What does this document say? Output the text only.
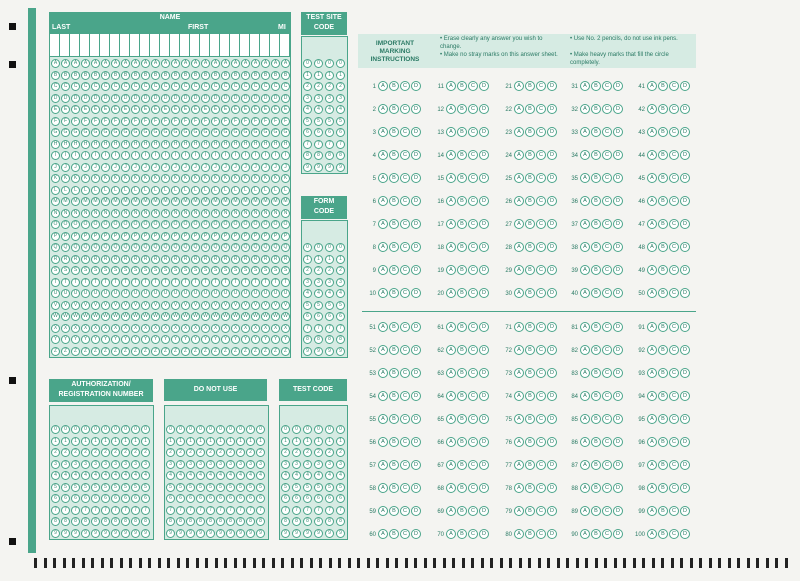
NAME
LAST	FIRST	MI
A
B
C
D
E
F
G
H
I
J
K
L
M
N
O
P
Q
R
S
T
U
V
W
X
Y
Z
A
B
C
D
E
F
G
H
I
J
K
L
M
N
O
P
Q
R
S
T
U
V
W
X
Y
Z
A
B
C
D
E
F
G
H
I
J
K
L
M
N
O
P
Q
R
S
T
U
V
W
X
Y
Z
A
B
C
D
E
F
G
H
I
J
K
L
M
N
O
P
Q
R
S
T
U
V
W
X
Y
Z
A
B
C
D
E
F
G
H
I
J
K
L
M
N
O
P
Q
R
S
T
U
V
W
X
Y
Z
A
B
C
D
E
F
G
H
I
J
K
L
M
N
O
P
Q
R
S
T
U
V
W
X
Y
Z
A
B
C
D
E
F
G
H
I
J
K
L
M
N
O
P
Q
R
S
T
U
V
W
X
Y
Z
A
B
C
D
E
F
G
H
I
J
K
L
M
N
O
P
Q
R
S
T
U
V
W
X
Y
Z
A
B
C
D
E
F
G
H
I
J
K
L
M
N
O
P
Q
R
S
T
U
V
W
X
Y
Z
A
B
C
D
E
F
G
H
I
J
K
L
M
N
O
P
Q
R
S
T
U
V
W
X
Y
Z
A
B
C
D
E
F
G
H
I
J
K
L
M
N
O
P
Q
R
S
T
U
V
W
X
Y
Z
A
B
C
D
E
F
G
H
I
J
K
L
M
N
O
P
Q
R
S
T
U
V
W
X
Y
Z
A
B
C
D
E
F
G
H
I
J
K
L
M
N
O
P
Q
R
S
T
U
V
W
X
Y
Z
A
B
C
D
E
F
G
H
I
J
K
L
M
N
O
P
Q
R
S
T
U
V
W
X
Y
Z
A
B
C
D
E
F
G
H
I
J
K
L
M
N
O
P
Q
R
S
T
U
V
W
X
Y
Z
A
B
C
D
E
F
G
H
I
J
K
L
M
N
O
P
Q
R
S
T
U
V
W
X
Y
Z
A
B
C
D
E
F
G
H
I
J
K
L
M
N
O
P
Q
R
S
T
U
V
W
X
Y
Z
A
B
C
D
E
F
G
H
I
J
K
L
M
N
O
P
Q
R
S
T
U
V
W
X
Y
Z
A
B
C
D
E
F
G
H
I
J
K
L
M
N
O
P
Q
R
S
T
U
V
W
X
Y
Z
A
B
C
D
E
F
G
H
I
J
K
L
M
N
O
P
Q
R
S
T
U
V
W
X
Y
Z
A
B
C
D
E
F
G
H
I
J
K
L
M
N
O
P
Q
R
S
T
U
V
W
X
Y
Z
A
B
C
D
E
F
G
H
I
J
K
L
M
N
O
P
Q
R
S
T
U
V
W
X
Y
Z
A
B
C
D
E
F
G
H
I
J
K
L
M
N
O
P
Q
R
S
T
U
V
W
X
Y
Z
A
B
C
D
E
F
G
H
I
J
K
L
M
N
O
P
Q
R
S
T
U
V
W
X
Y
Z
TEST SITE
CODE
0
1
2
3
4
5
6
7
8
9
0
1
2
3
4
5
6
7
8
9
0
1
2
3
4
5
6
7
8
9
0
1
2
3
4
5
6
7
8
9
FORM
CODE
0
1
2
3
4
5
6
7
8
9
0
1
2
3
4
5
6
7
8
9
0
1
2
3
4
5
6
7
8
9
0
1
2
3
4
5
6
7
8
9
AUTHORIZATION/
REGISTRATION NUMBER
0
1
2
3
4
5
6
7
8
9
0
1
2
3
4
5
6
7
8
9
0
1
2
3
4
5
6
7
8
9
0
1
2
3
4
5
6
7
8
9
0
1
2
3
4
5
6
7
8
9
0
1
2
3
4
5
6
7
8
9
0
1
2
3
4
5
6
7
8
9
0
1
2
3
4
5
6
7
8
9
0
1
2
3
4
5
6
7
8
9
0
1
2
3
4
5
6
7
8
9
DO NOT USE
0
1
2
3
4
5
6
7
8
9
0
1
2
3
4
5
6
7
8
9
0
1
2
3
4
5
6
7
8
9
0
1
2
3
4
5
6
7
8
9
0
1
2
3
4
5
6
7
8
9
0
1
2
3
4
5
6
7
8
9
0
1
2
3
4
5
6
7
8
9
0
1
2
3
4
5
6
7
8
9
0
1
2
3
4
5
6
7
8
9
0
1
2
3
4
5
6
7
8
9
TEST CODE
0
1
2
3
4
5
6
7
8
9
0
1
2
3
4
5
6
7
8
9
0
1
2
3
4
5
6
7
8
9
0
1
2
3
4
5
6
7
8
9
0
1
2
3
4
5
6
7
8
9
0
1
2
3
4
5
6
7
8
9
IMPORTANT
MARKING
INSTRUCTIONS
• Erase clearly any answer you wish to change.
• Make no stray marks on this answer sheet.
• Use No. 2 pencils, do not use ink pens.
• Make heavy marks that fill the circle completely.
1 A B C D
2 A B C D
3 A B C D
4 A B C D
5 A B C D
6 A B C D
7 A B C D
8 A B C D
9 A B C D
10 A B C D
11 A B C D
12 A B C D
13 A B C D
14 A B C D
15 A B C D
16 A B C D
17 A B C D
18 A B C D
19 A B C D
20 A B C D
21 A B C D
22 A B C D
23 A B C D
24 A B C D
25 A B C D
26 A B C D
27 A B C D
28 A B C D
29 A B C D
30 A B C D
31 A B C D
32 A B C D
33 A B C D
34 A B C D
35 A B C D
36 A B C D
37 A B C D
38 A B C D
39 A B C D
40 A B C D
41 A B C D
42 A B C D
43 A B C D
44 A B C D
45 A B C D
46 A B C D
47 A B C D
48 A B C D
49 A B C D
50 A B C D
51 A B C D
52 A B C D
53 A B C D
54 A B C D
55 A B C D
56 A B C D
57 A B C D
58 A B C D
59 A B C D
60 A B C D
61 A B C D
62 A B C D
63 A B C D
64 A B C D
65 A B C D
66 A B C D
67 A B C D
68 A B C D
69 A B C D
70 A B C D
71 A B C D
72 A B C D
73 A B C D
74 A B C D
75 A B C D
76 A B C D
77 A B C D
78 A B C D
79 A B C D
80 A B C D
81 A B C D
82 A B C D
83 A B C D
84 A B C D
85 A B C D
86 A B C D
87 A B C D
88 A B C D
89 A B C D
90 A B C D
91 A B C D
92 A B C D
93 A B C D
94 A B C D
95 A B C D
96 A B C D
97 A B C D
98 A B C D
99 A B C D
100 A B C D
